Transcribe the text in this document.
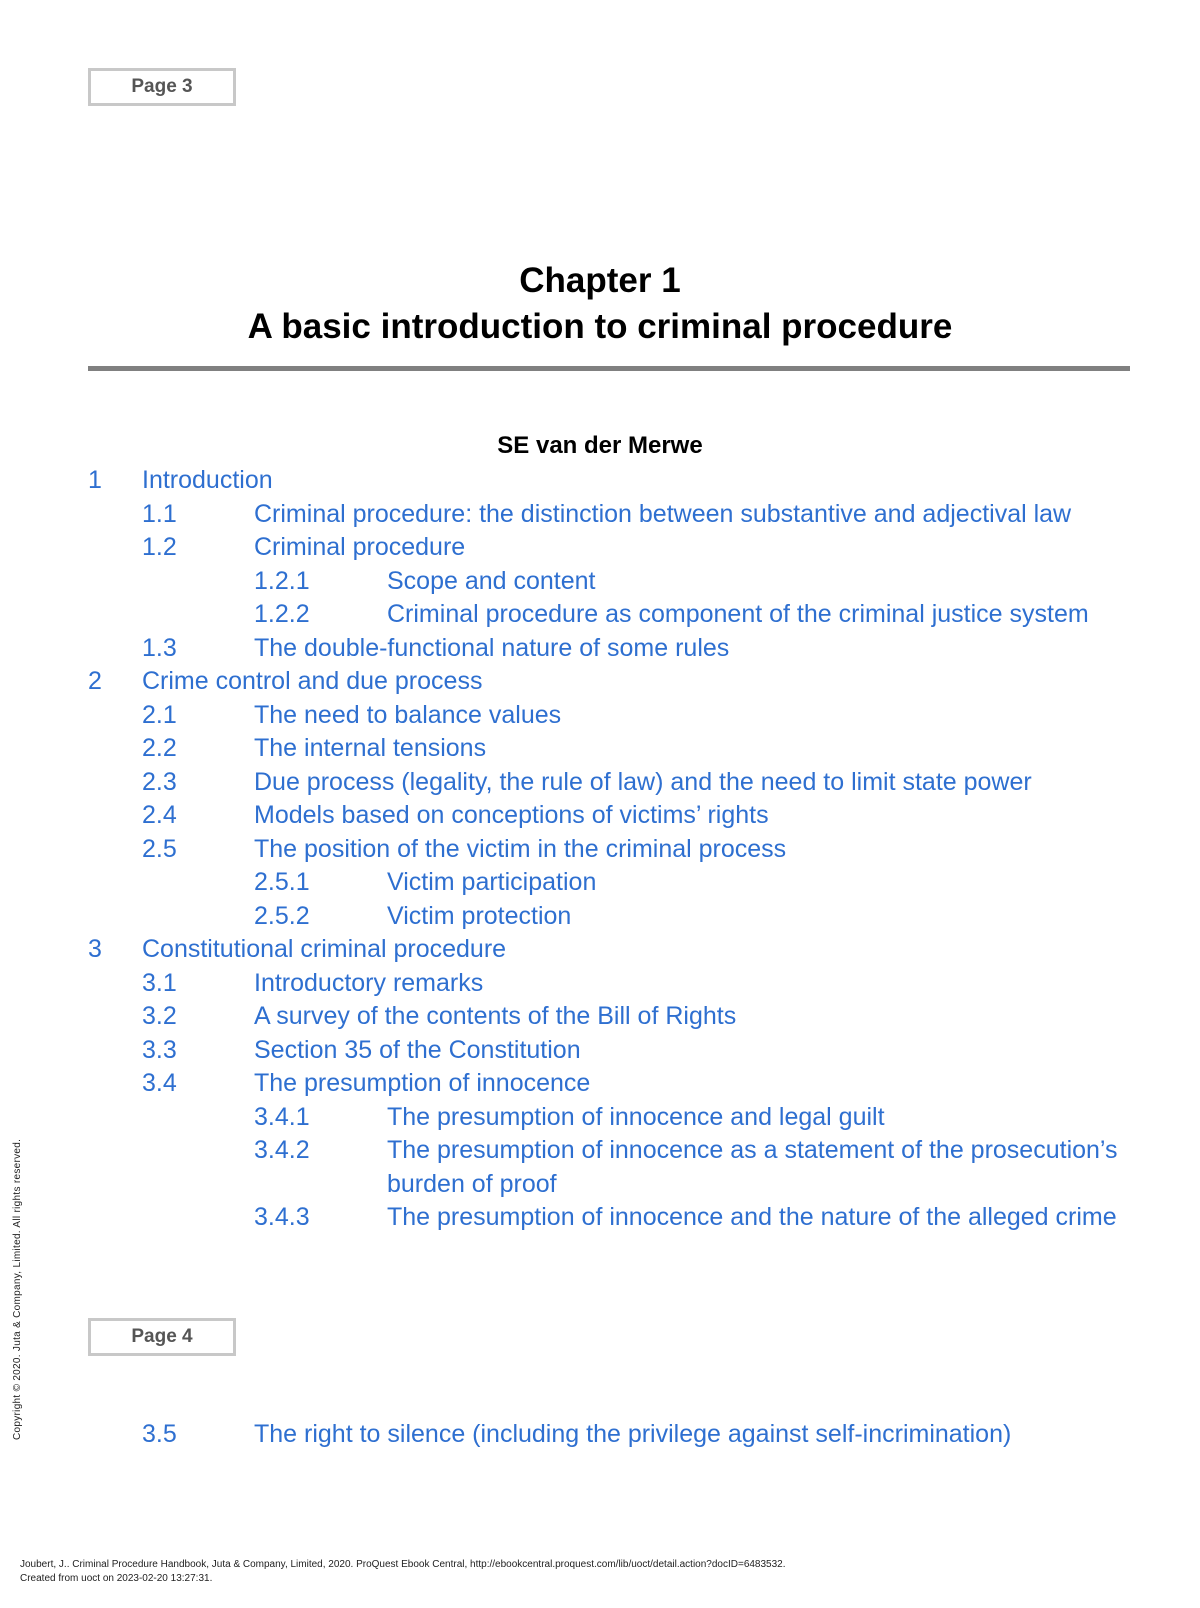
Page 3
Chapter 1
A basic introduction to criminal procedure
SE van der Merwe
1 Introduction
1.1	Criminal procedure: the distinction between substantive and adjectival law
1.2	Criminal procedure
1.2.1	Scope and content
1.2.2	Criminal procedure as component of the criminal justice system
1.3	The double-functional nature of some rules
2 Crime control and due process
2.1	The need to balance values
2.2	The internal tensions
2.3	Due process (legality, the rule of law) and the need to limit state power
2.4	Models based on conceptions of victims’ rights
2.5	The position of the victim in the criminal process
2.5.1	Victim participation
2.5.2	Victim protection
3 Constitutional criminal procedure
3.1	Introductory remarks
3.2	A survey of the contents of the Bill of Rights
3.3	Section 35 of the Constitution
3.4	The presumption of innocence
3.4.1	The presumption of innocence and legal guilt
3.4.2	The presumption of innocence as a statement of the prosecution’s burden of proof
3.4.3	The presumption of innocence and the nature of the alleged crime
Page 4
3.5	The right to silence (including the privilege against self-incrimination)
Copyright © 2020. Juta & Company, Limited. All rights reserved.
Joubert, J.. Criminal Procedure Handbook, Juta & Company, Limited, 2020. ProQuest Ebook Central, http://ebookcentral.proquest.com/lib/uoct/detail.action?docID=6483532.
Created from uoct on 2023-02-20 13:27:31.
